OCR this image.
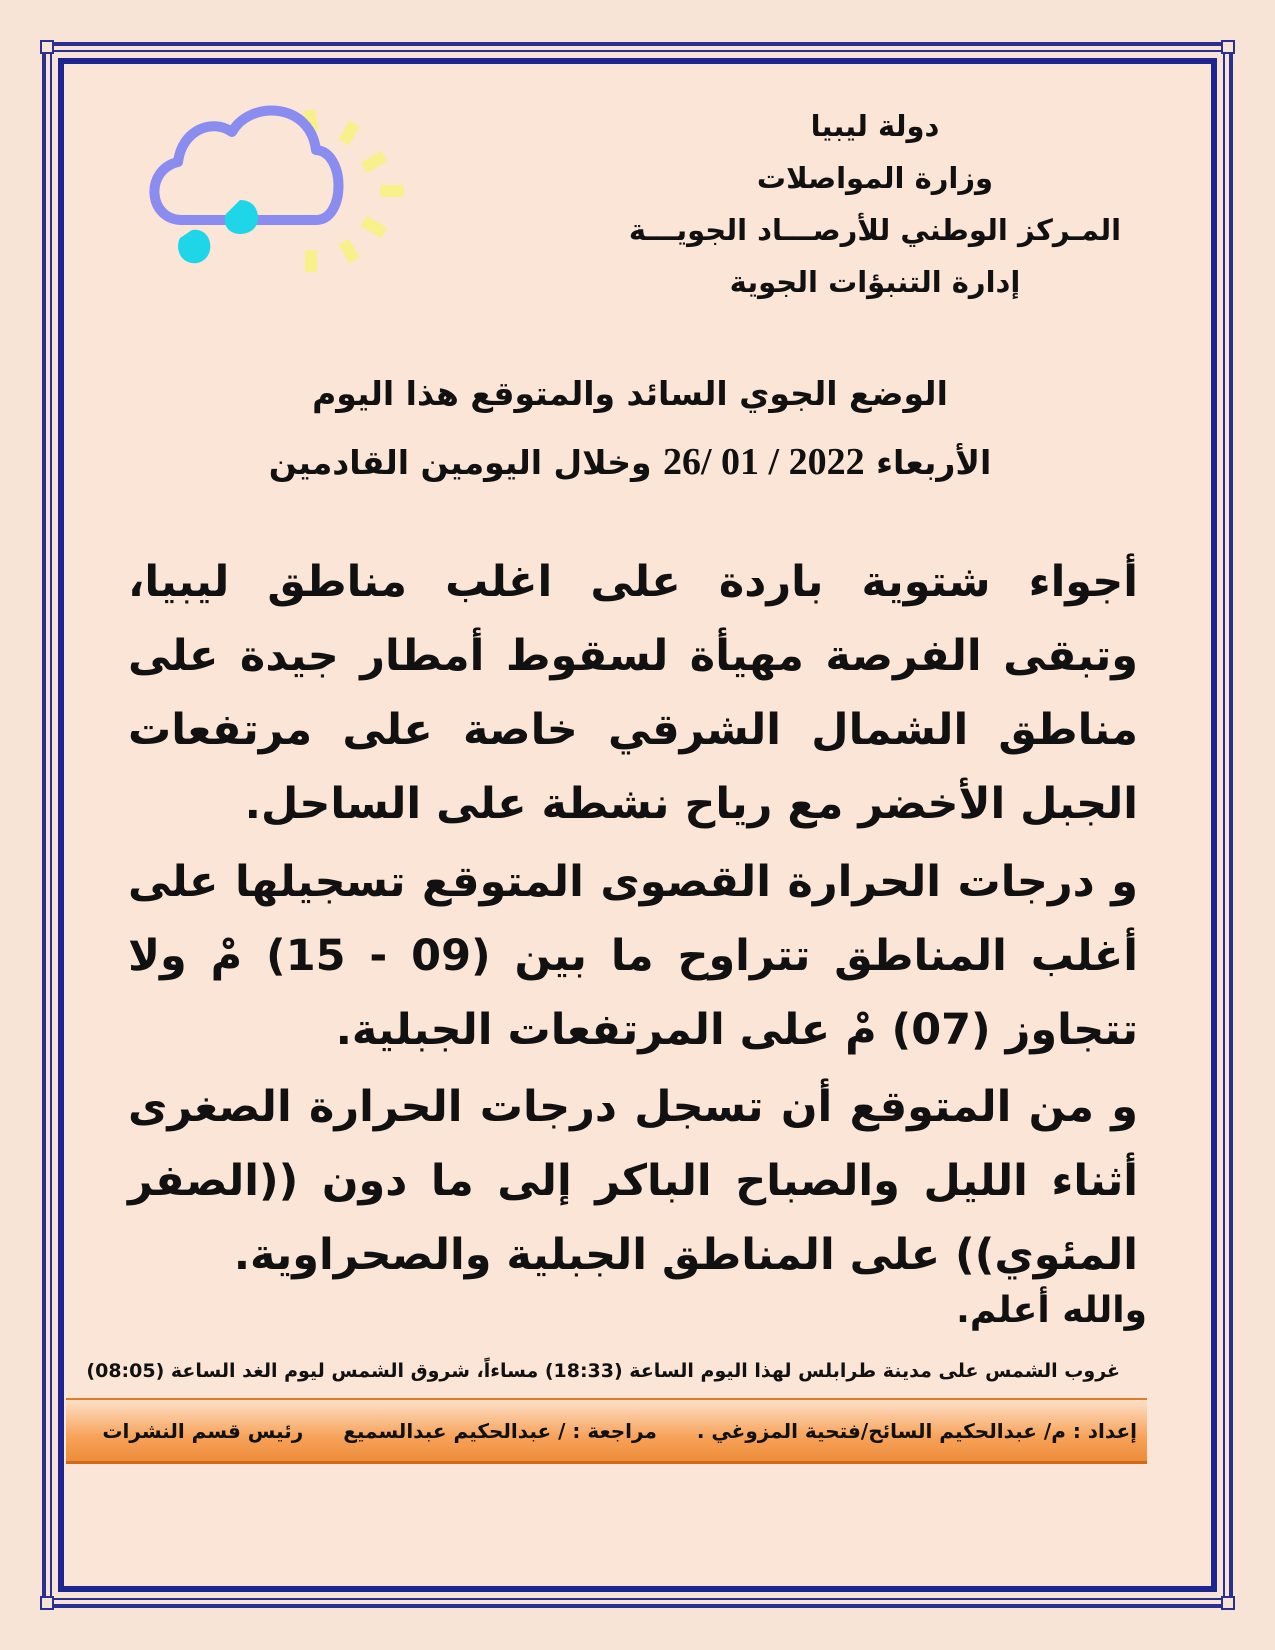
دولة ليبيا
وزارة المواصلات
المـركز الوطني للأرصـــاد الجويـــة
إدارة التنبؤات الجوية
الوضع الجوي السائد والمتوقع هذا اليوم
الأربعاء 26/ 01 / 2022 وخلال اليومين القادمين
أجواء شتوية باردة على اغلب مناطق ليبيا، وتبقى الفرصة مهيأة لسقوط أمطار جيدة على مناطق الشمال الشرقي خاصة على مرتفعات الجبل الأخضر مع رياح نشطة على الساحل.
و درجات الحرارة القصوى المتوقع تسجيلها على أغلب المناطق تتراوح ما بين (09 - 15) مْ ولا تتجاوز (07) مْ على المرتفعات الجبلية.
و من المتوقع أن تسجل درجات الحرارة الصغرى أثناء الليل والصباح الباكر إلى ما دون ((الصفر المئوي)) على المناطق الجبلية والصحراوية.
والله أعلم.
غروب الشمس على مدينة طرابلس لهذا اليوم الساعة (18:33) مساءاً، شروق الشمس ليوم الغد الساعة (08:05)
إعداد : م/ عبدالحكيم السائح/فتحية المزوغي .
مراجعة : / عبدالحكيم عبدالسميع
رئيس قسم النشرات
